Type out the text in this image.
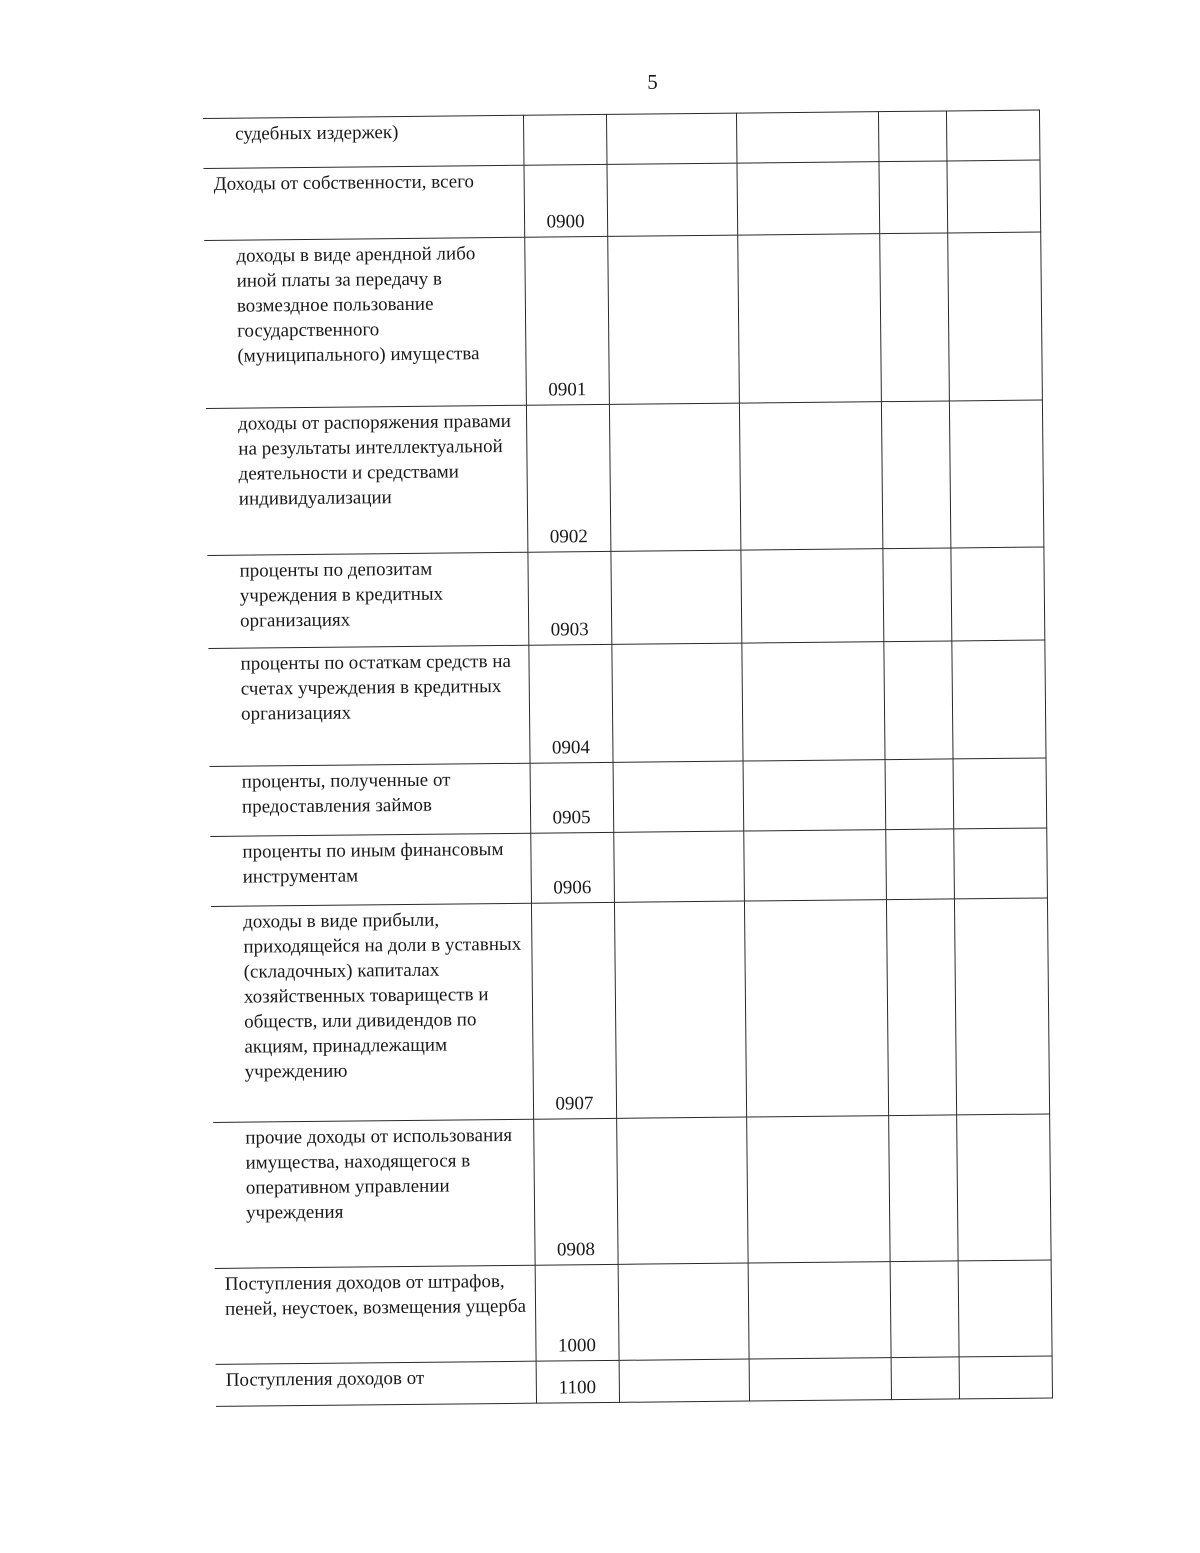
5
судебных издержек)					

Доходы от собственности, всего	0900				

доходы в виде арендной либо иной платы за передачу в возмездное пользование государственного (муниципального) имущества	0901				

доходы от распоряжения правами на результаты интеллектуальной деятельности и средствами индивидуализации	0902				

проценты по депозитам учреждения в кредитных организациях	0903				

проценты по остаткам средств на счетах учреждения в кредитных организациях	0904				

проценты, полученные от предоставления займов	0905				

проценты по иным финансовым инструментам	0906				

доходы в виде прибыли, приходящейся на доли в уставных (складочных) капиталах хозяйственных товариществ и обществ, или дивидендов по акциям, принадлежащим учреждению	0907				

прочие доходы от использования имущества, находящегося в оперативном управлении учреждения	0908				

Поступления доходов от штрафов, пеней, неустоек, возмещения ущерба	1000				

Поступления доходов от	1100				
